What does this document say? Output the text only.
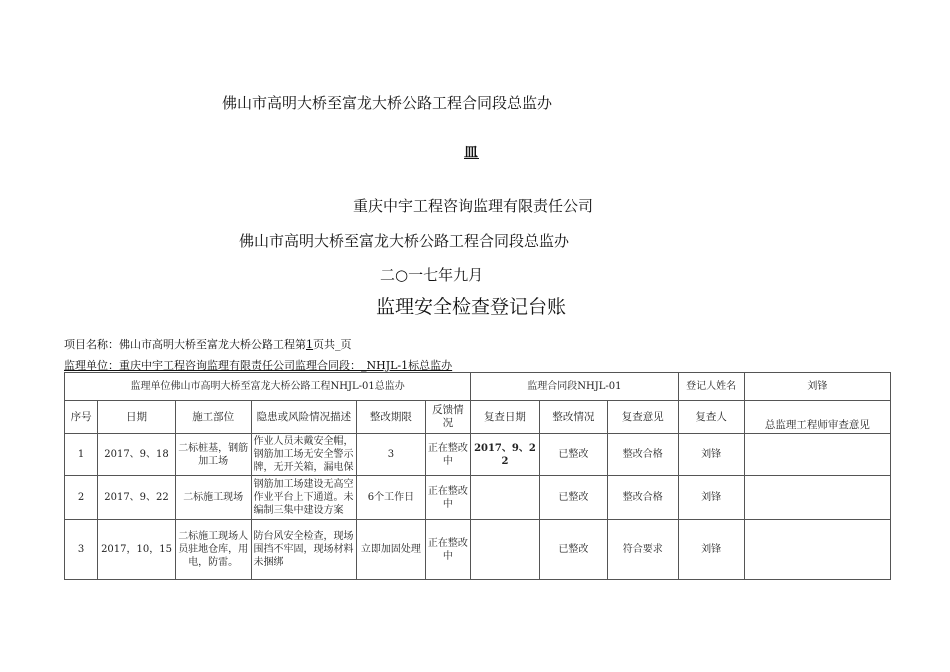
佛山市高明大桥至富龙大桥公路工程合同段总监办
皿
重庆中宇工程咨询监理有限责任公司
佛山市高明大桥至富龙大桥公路工程合同段总监办
二○一七年九月
监理安全检查登记台账
项目名称：佛山市高明大桥至富龙大桥公路工程第1页共_页
监理单位：重庆中宇工程咨询监理有限责任公司监理合同段：_NHJL-1标总监办
监理单位佛山市高明大桥至富龙大桥公路工程NHJL-01总监办						监理合同段NHJL-01			登记人姓名	刘锋
序号	日期	施工部位	隐患或风险情况描述	整改期限	反馈情况	复查日期	整改情况	复查意见	复查人	总监理工程师审查意见
1	2017、9、18	二标桩基，钢筋加工场	作业人员未戴安全帽，钢筋加工场无安全警示牌，无开关箱，漏电保	3	正在整改中	2017、9、22	已整改	整改合格	刘锋	
2	2017、9、22	二标施工现场	钢筋加工场建设无高空作业平台上下通道。未编制三集中建设方案	6个工作日	正在整改中		已整改	整改合格	刘锋	
3	2017，10，15	二标施工现场人员驻地仓库，用电，防雷。	防台风安全检查，现场围挡不牢固，现场材料未捆绑	立即加固处理	正在整改中		已整改	符合要求	刘锋	
